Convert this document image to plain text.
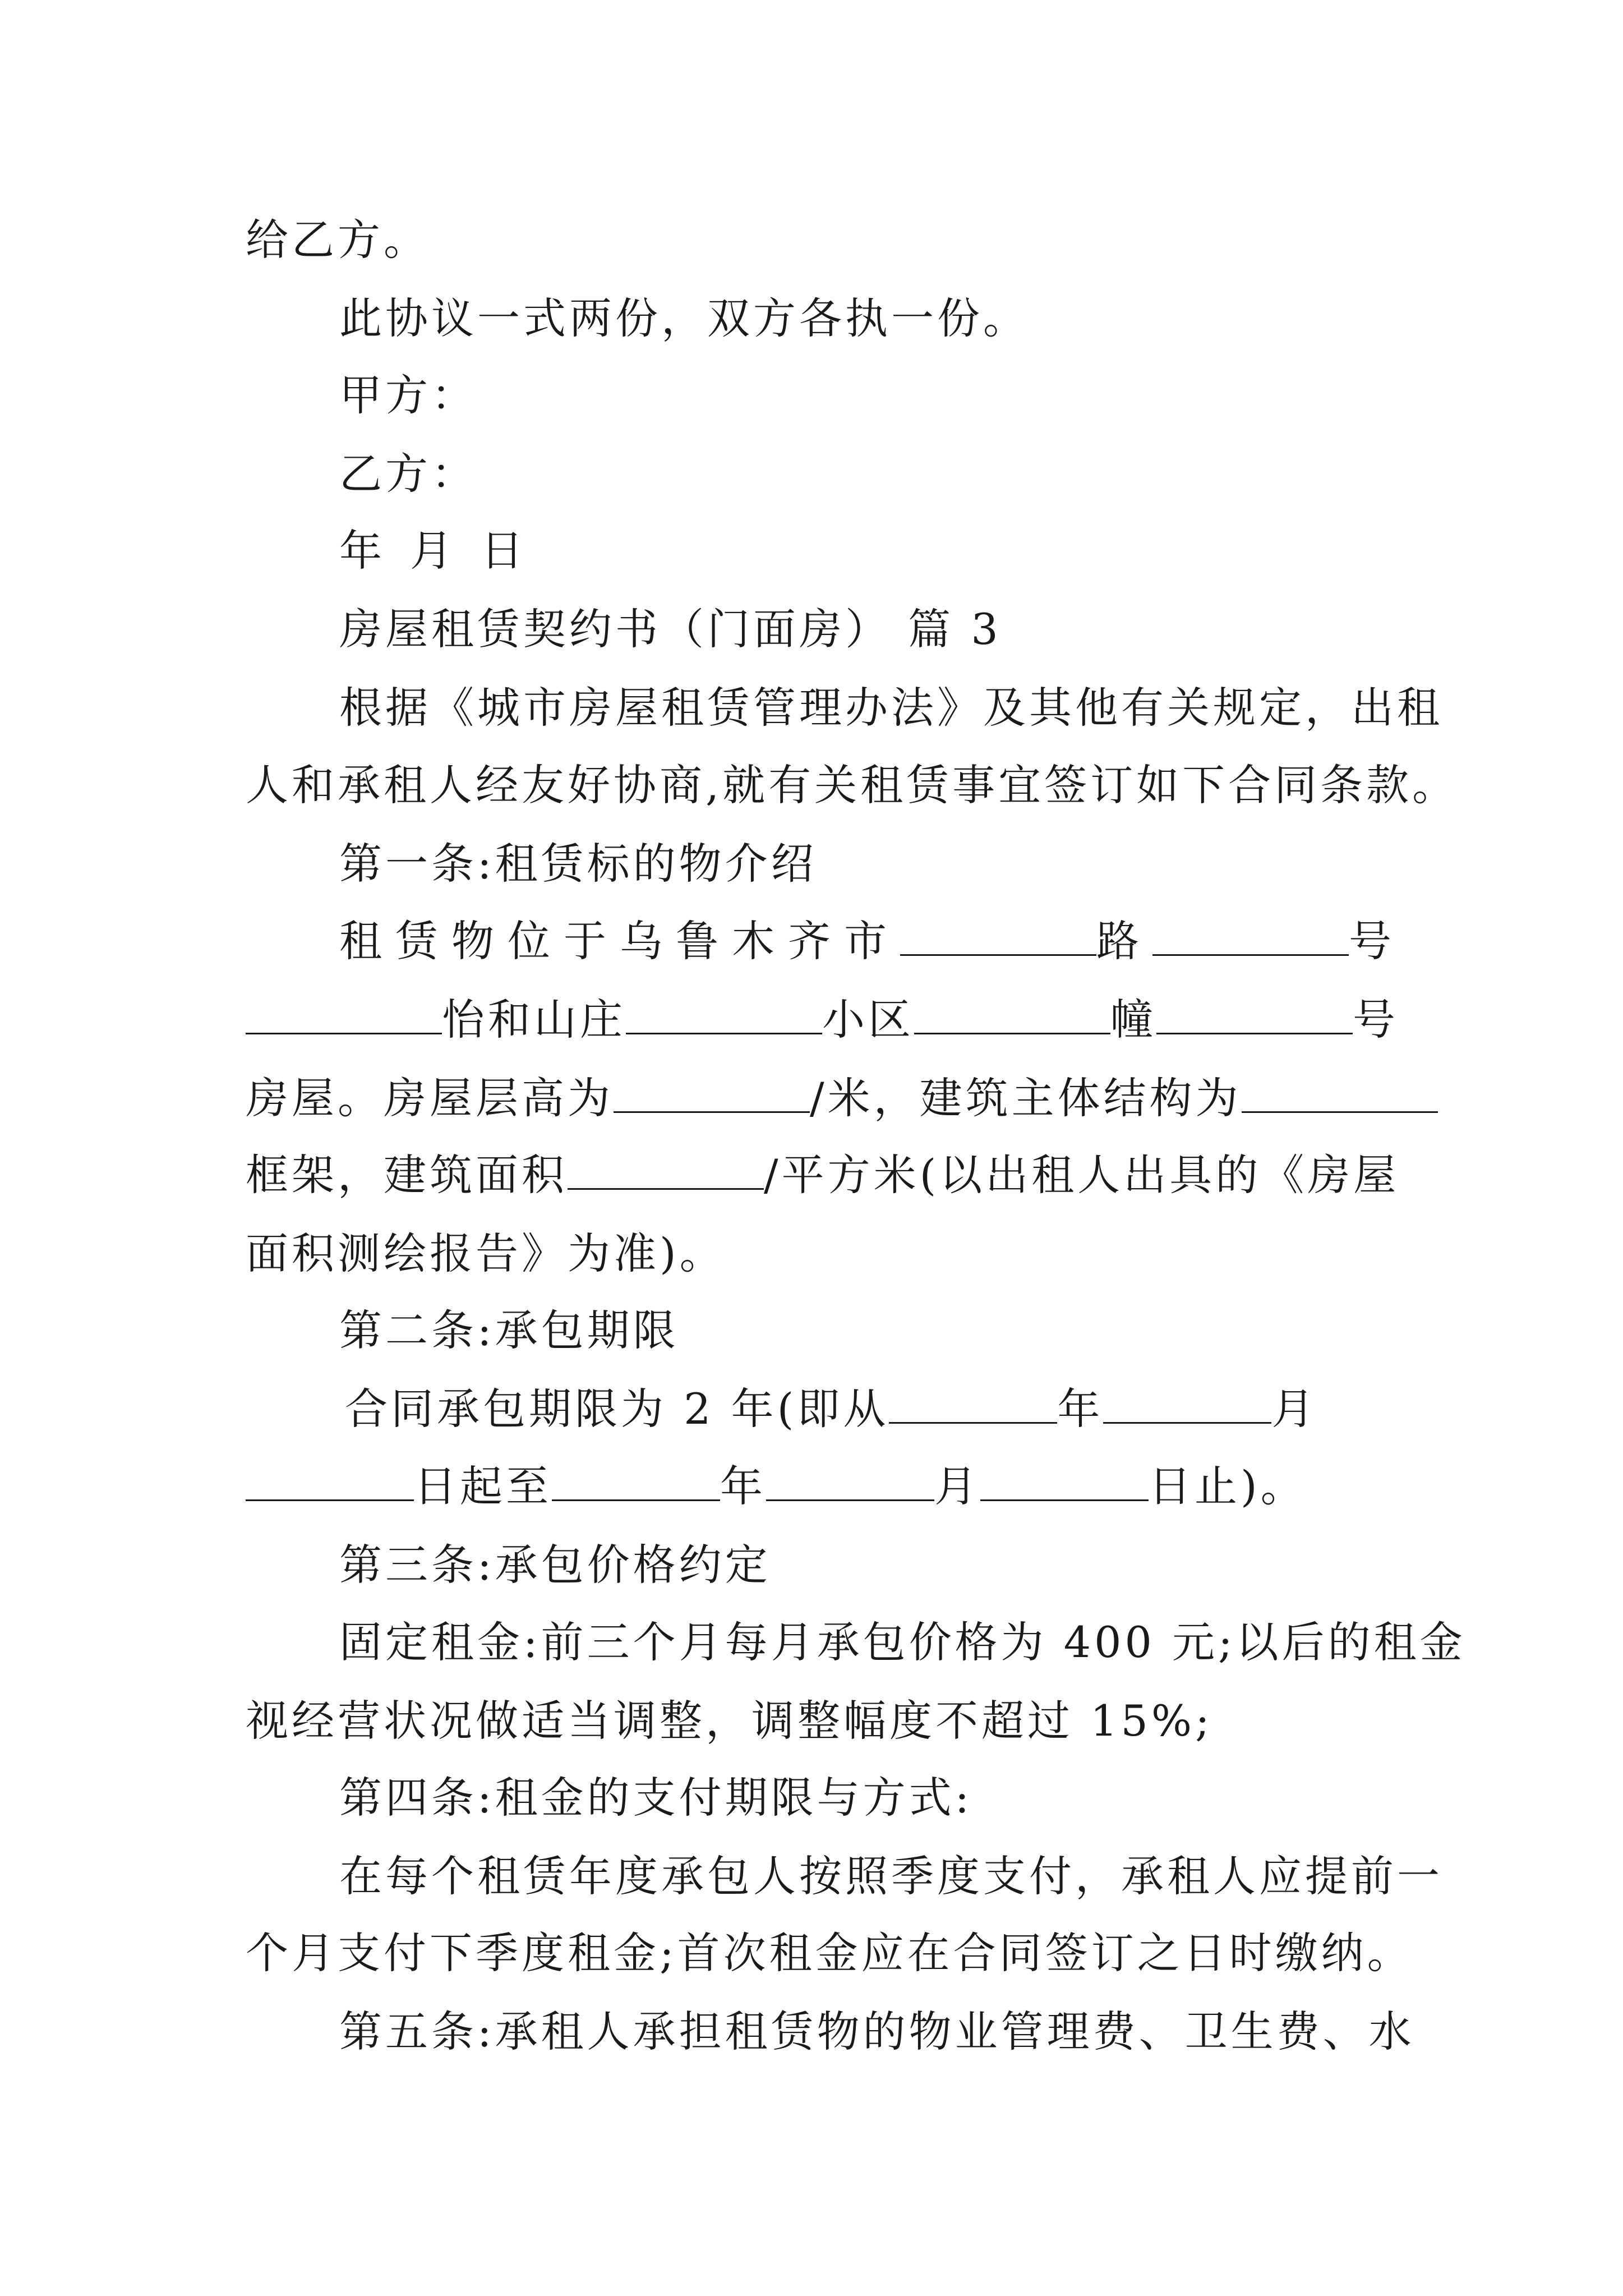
给乙方。
此协议一式两份，双方各执一份。
甲方：
乙方：
年 月 日
房屋租赁契约书（门面房） 篇 3
根据《城市房屋租赁管理办法》及其他有关规定，出租
人和承租人经友好协商,就有关租赁事宜签订如下合同条款。
第一条:租赁标的物介绍
租赁物位于乌鲁木齐市	路	号
怡和山庄	小区	幢	号
房屋。房屋层高为	/米，建筑主体结构为
框架，建筑面积	/平方米(以出租人出具的《房屋
面积测绘报告》为准)。
第二条:承包期限
合同承包期限为 2 年(即从	年	月
日起至	年	月	日止)。
第三条:承包价格约定
固定租金:前三个月每月承包价格为 400 元;以后的租金
视经营状况做适当调整，调整幅度不超过 15%;
第四条:租金的支付期限与方式:
在每个租赁年度承包人按照季度支付，承租人应提前一
个月支付下季度租金;首次租金应在合同签订之日时缴纳。
第五条:承租人承担租赁物的物业管理费、卫生费、水
